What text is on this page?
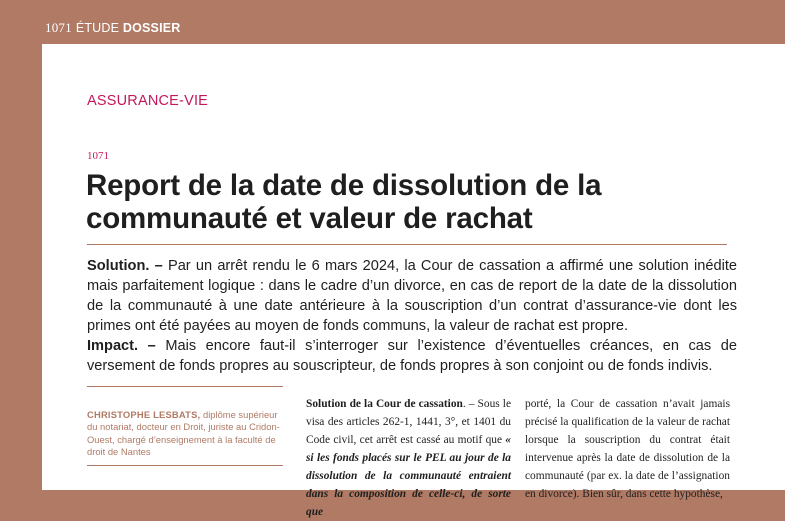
1071 ÉTUDE DOSSIER
ASSURANCE-VIE
1071
Report de la date de dissolution de la communauté et valeur de rachat

Solution. – Par un arrêt rendu le 6 mars 2024, la Cour de cassation a affirmé une solution inédite mais parfaitement logique : dans le cadre d’un divorce, en cas de report de la date de la dissolution de la communauté à une date antérieure à la souscription d’un contrat d’assurance-vie dont les primes ont été payées au moyen de fonds communs, la valeur de rachat est propre.

Impact. – Mais encore faut-il s’interroger sur l’existence d’éventuelles créances, en cas de versement de fonds propres au souscripteur, de fonds propres à son conjoint ou de fonds indivis.

CHRISTOPHE LESBATS, diplôme supérieur du notariat, docteur en Droit, juriste au Cridon-Ouest, chargé d’enseignement à la faculté de droit de Nantes

Solution de la Cour de cassation. – Sous le visa des articles 262-1, 1441, 3°, et 1401 du Code civil, cet arrêt est cassé au motif que « si les fonds placés sur le PEL au jour de la dissolution de la communauté entraient dans la composition de celle-ci, de sorte que

porté, la Cour de cassation n’avait jamais précisé la qualification de la valeur de rachat lorsque la souscription du contrat était intervenue après la date de dissolution de la communauté (par ex. la date de l’assignation en divorce). Bien sûr, dans cette hypothèse,
